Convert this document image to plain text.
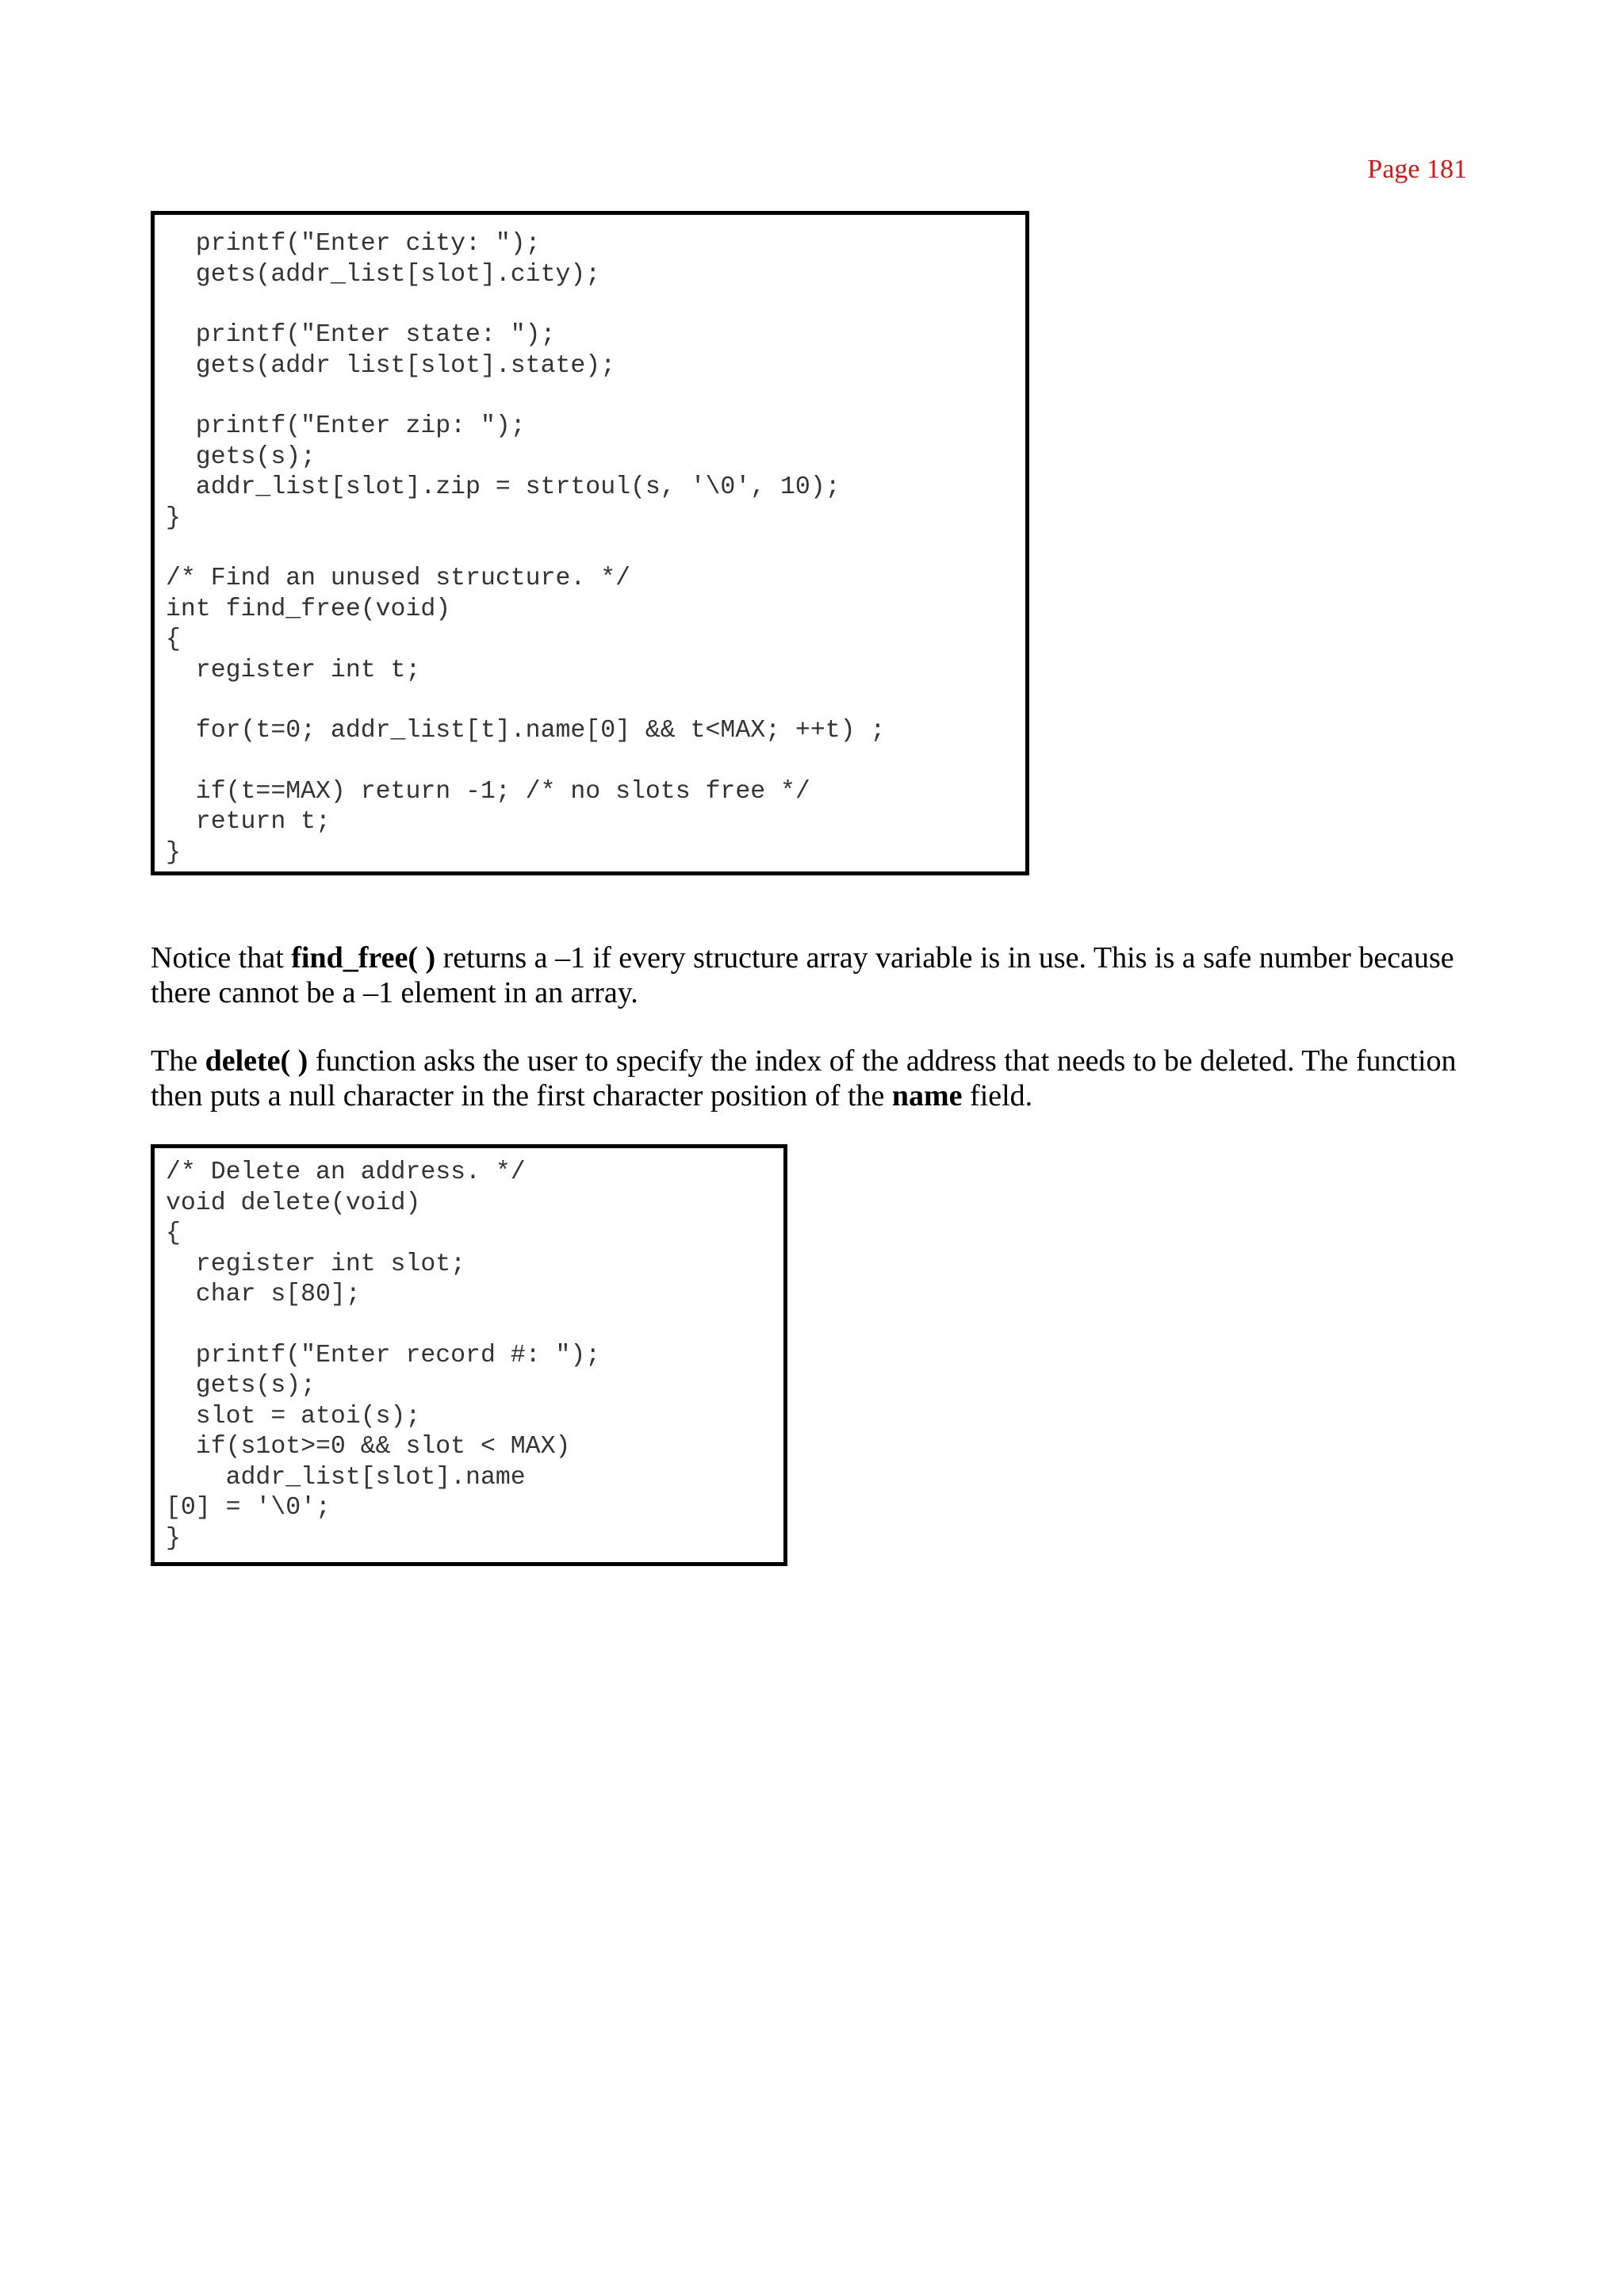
Page 181
printf("Enter city: ");
gets(addr_list[slot].city);
printf("Enter state: ");
gets(addr list[slot].state);
printf("Enter zip: ");
gets(s);
addr_list[slot].zip = strtoul(s, '\0', 10);
}
/* Find an unused structure. */
int find_free(void)
{
register int t;
for(t=0; addr_list[t].name[0] && t<MAX; ++t) ;
if(t==MAX) return -1; /* no slots free */
return t;
}

Notice that find_free( ) returns a –1 if every structure array variable is in use. This is a safe number because there cannot be a –1 element in an array.

The delete( ) function asks the user to specify the index of the address that needs to be deleted. The function then puts a null character in the first character position of the name field.

/* Delete an address. */
void delete(void)
{
register int slot;
char s[80];
printf("Enter record #: ");
gets(s);
slot = atoi(s);
if(s1ot>=0 && slot < MAX)
addr_list[slot].name
[0] = '\0';
}
